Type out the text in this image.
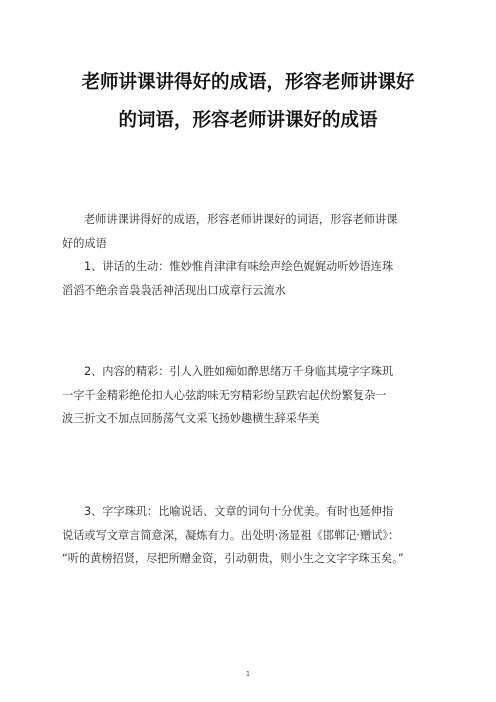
老师讲课讲得好的成语，形容老师讲课好
的词语，形容老师讲课好的成语

老师讲课讲得好的成语，形容老师讲课好的词语，形容老师讲课
好的成语

1、讲话的生动：惟妙惟肖津津有味绘声绘色娓娓动听妙语连珠
滔滔不绝余音袅袅活神活现出口成章行云流水

2、内容的精彩：引人入胜如痴如醉思绪万千身临其境字字珠玑
一字千金精彩绝伦扣人心弦韵味无穷精彩纷呈跌宕起伏纷繁复杂一
波三折文不加点回肠荡气文采飞扬妙趣横生辞采华美

3、字字珠玑：比喻说话、文章的词句十分优美。有时也延伸指
说话或写文章言简意深，凝炼有力。出处明·汤显祖《邯郸记·赠试》：
“听的黄榜招贤，尽把所赠金资，引动朝贵，则小生之文字字珠玉矣。”

1
